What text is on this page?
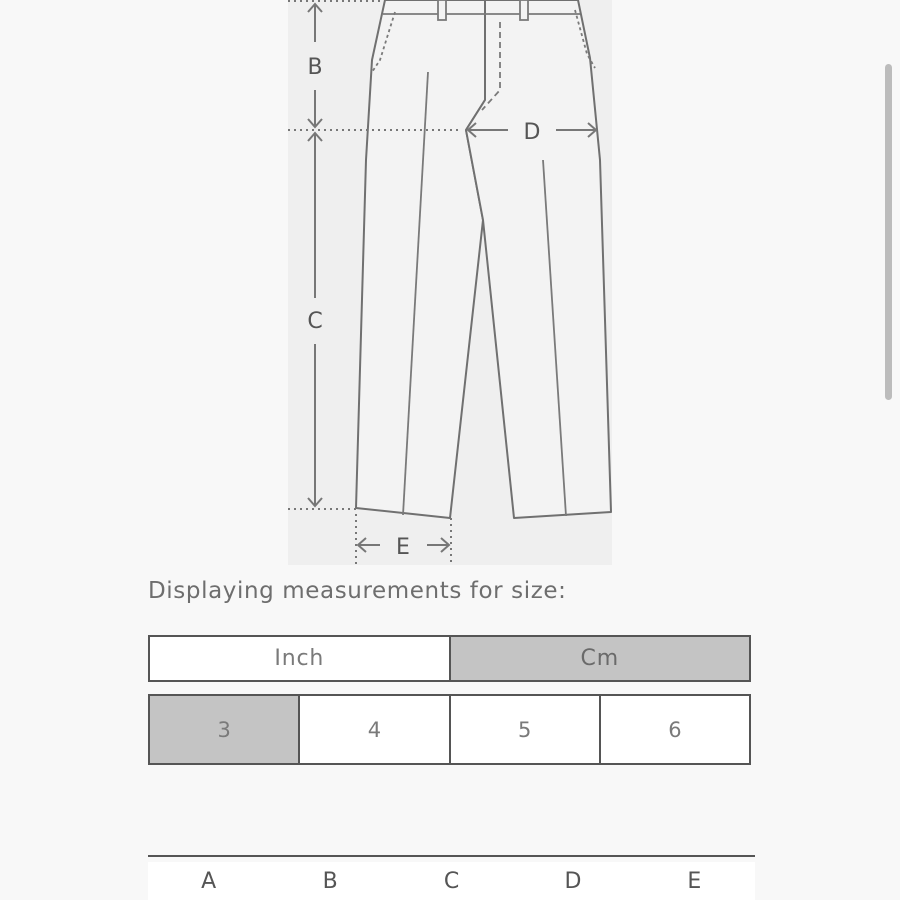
B
C
D
E
Displaying measurements for size:
Inch	Cm
3	4	5	6
A	B	C	D	E
